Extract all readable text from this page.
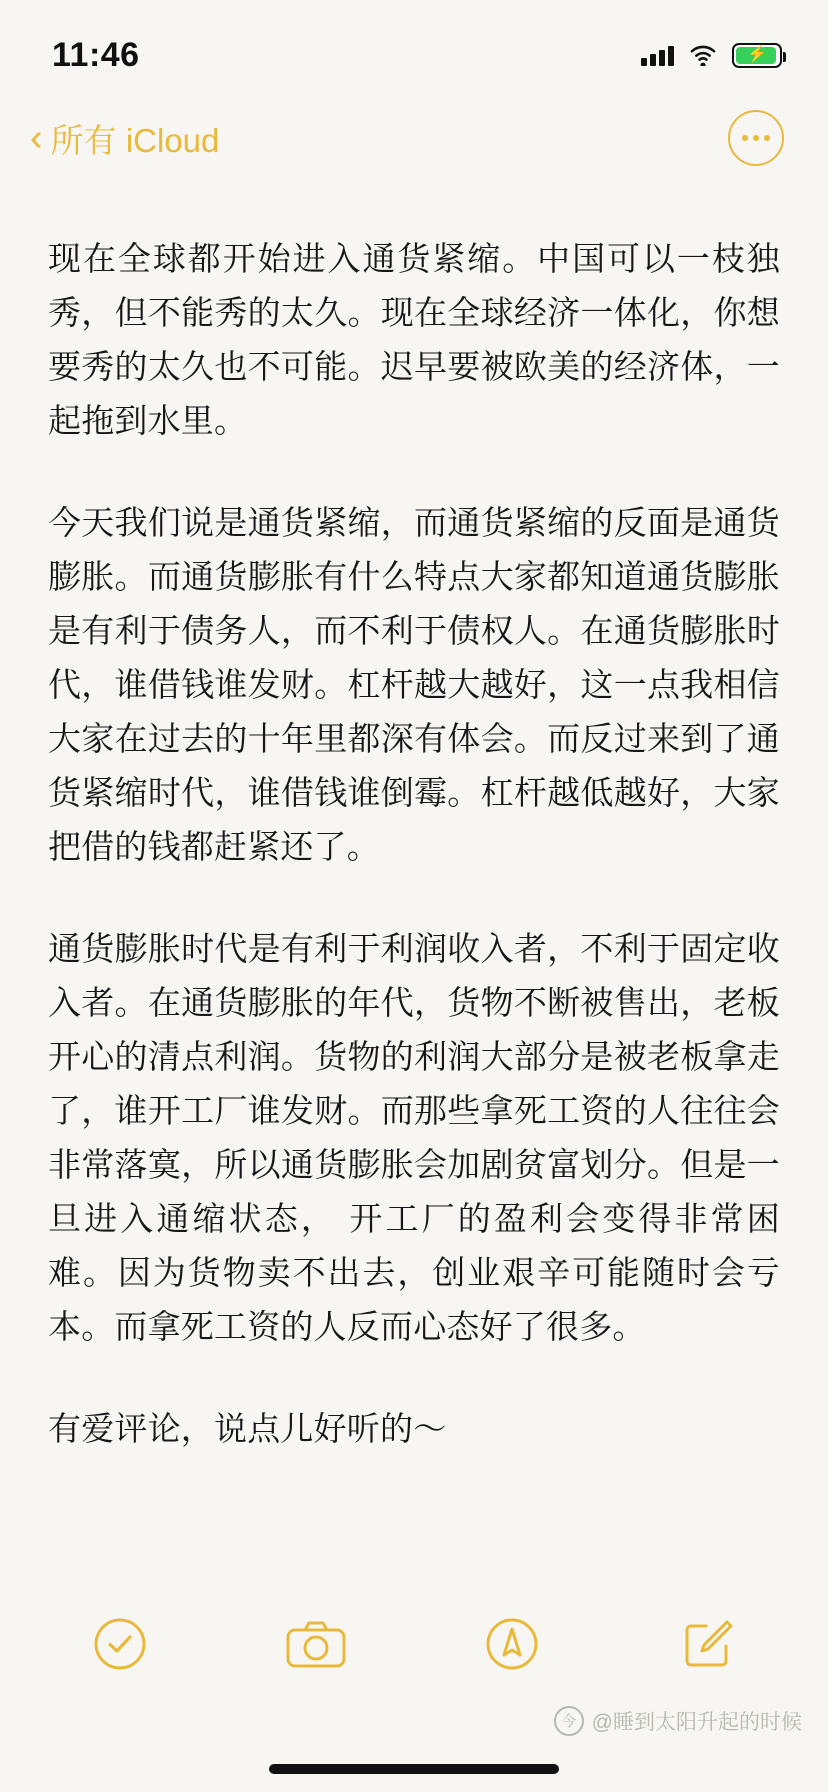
11:46	⚡
‹ 所有 iCloud

现在全球都开始进入通货紧缩。中国可以一枝独秀，但不能秀的太久。现在全球经济一体化，你想要秀的太久也不可能。迟早要被欧美的经济体，一起拖到水里。

今天我们说是通货紧缩，而通货紧缩的反面是通货膨胀。而通货膨胀有什么特点大家都知道通货膨胀是有利于债务人，而不利于债权人。在通货膨胀时代，谁借钱谁发财。杠杆越大越好，这一点我相信大家在过去的十年里都深有体会。而反过来到了通货紧缩时代，谁借钱谁倒霉。杠杆越低越好，大家把借的钱都赶紧还了。

通货膨胀时代是有利于利润收入者，不利于固定收入者。在通货膨胀的年代，货物不断被售出，老板开心的清点利润。货物的利润大部分是被老板拿走了，谁开工厂谁发财。而那些拿死工资的人往往会非常落寞，所以通货膨胀会加剧贫富划分。但是一旦进入通缩状态， 开工厂的盈利会变得非常困难。因为货物卖不出去，创业艰辛可能随时会亏本。而拿死工资的人反而心态好了很多。

有爱评论，说点儿好听的～

今 @睡到太阳升起的时候
